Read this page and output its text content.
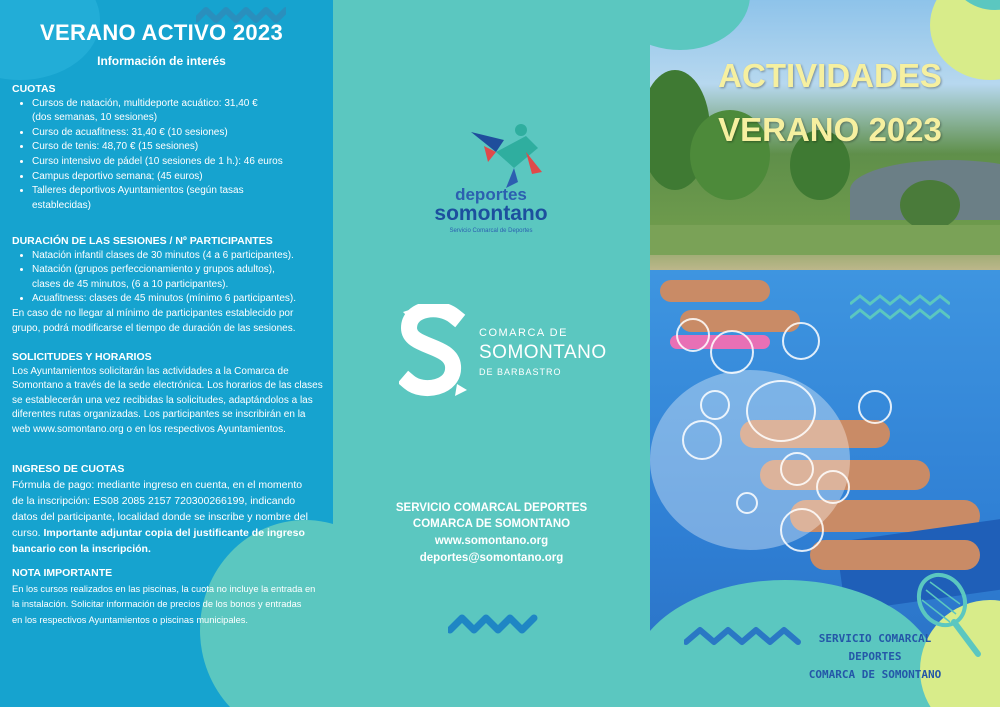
VERANO ACTIVO 2023
Información de interés
CUOTAS
• Cursos de natación, multideporte acuático: 31,40 €
(dos semanas, 10 sesiones)
• Curso de acuafitness: 31,40 € (10 sesiones)
• Curso de tenis: 48,70 € (15 sesiones)
• Curso intensivo de pádel (10 sesiones de 1 h.): 46 euros
• Campus deportivo semana; (45 euros)
• Talleres deportivos Ayuntamientos (según tasas
establecidas)
DURACIÓN DE LAS SESIONES / Nº PARTICIPANTES
• Natación infantil clases de 30 minutos (4 a 6 participantes).
• Natación (grupos perfeccionamiento y grupos adultos),
clases de 45 minutos, (6 a 10 participantes).
• Acuafitness: clases de 45 minutos (mínimo 6 participantes).

En caso de no llegar al mínimo de participantes establecido por

grupo, podrá modificarse el tiempo de duración de las sesiones.

SOLICITUDES Y HORARIOS

Los Ayuntamientos solicitarán las actividades a la Comarca de

Somontano a través de la sede electrónica. Los horarios de las clases

se establecerán una vez recibidas la solicitudes, adaptándolos a las

diferentes rutas organizadas. Los participantes se inscribirán en la

web www.somontano.org o en los respectivos Ayuntamientos.

INGRESO DE CUOTAS

Fórmula de pago: mediante ingreso en cuenta, en el momento

de la inscripción: ES08 2085 2157 720300266199, indicando

datos del participante, localidad donde se inscribe y nombre del

curso. Importante adjuntar copia del justificante de ingreso

bancario con la inscripción.

NOTA IMPORTANTE

En los cursos realizados en las piscinas, la cuota no incluye la entrada en

la instalación. Solicitar información de precios de los bonos y entradas

en los respectivos Ayuntamientos o piscinas municipales.

deportes
somontano
Servicio Comarcal de Deportes
COMARCA DE
SOMONTANO
DE BARBASTRO
SERVICIO COMARCAL DEPORTES
COMARCA DE SOMONTANO
www.somontano.org
deportes@somontano.org
ACTIVIDADES
VERANO 2023
SERVICIO COMARCAL
DEPORTES
COMARCA DE SOMONTANO
